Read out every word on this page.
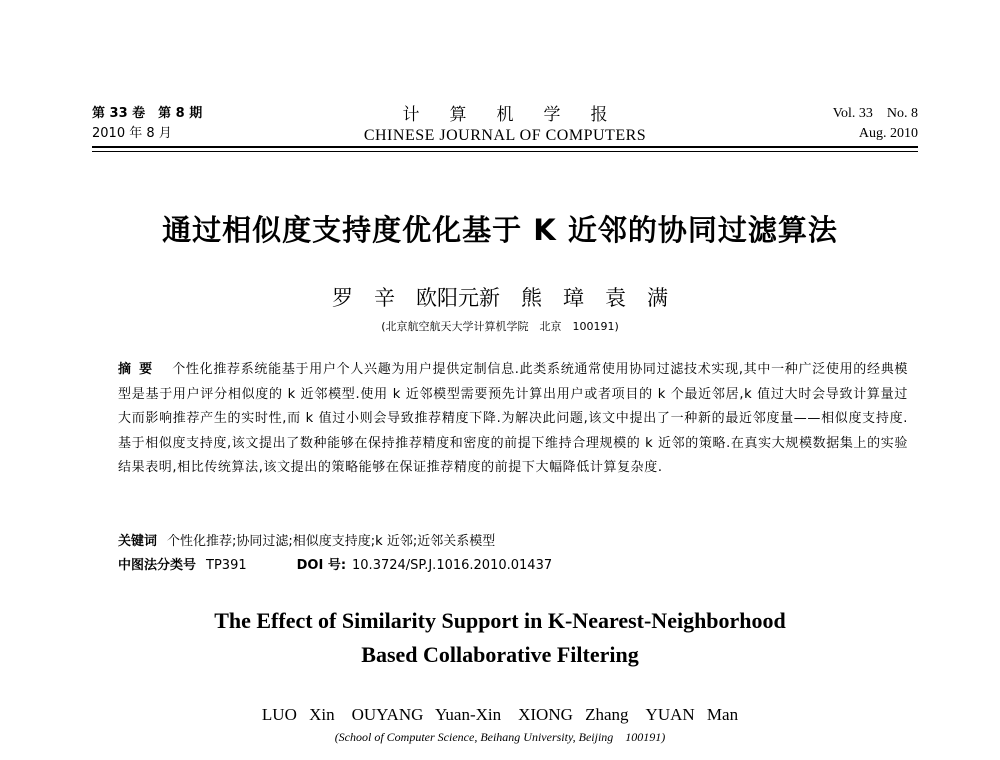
第 33 卷　第 8 期
2010 年 8 月
计算机学报
CHINESE JOURNAL OF COMPUTERS
Vol. 33　No. 8
Aug. 2010
通过相似度支持度优化基于 K 近邻的协同过滤算法
罗　辛　欧阳元新　熊　璋　袁　满
(北京航空航天大学计算机学院　北京　100191)
摘要 个性化推荐系统能基于用户个人兴趣为用户提供定制信息.此类系统通常使用协同过滤技术实现,其中一种广泛使用的经典模型是基于用户评分相似度的 k 近邻模型.使用 k 近邻模型需要预先计算出用户或者项目的 k 个最近邻居,k 值过大时会导致计算量过大而影响推荐产生的实时性,而 k 值过小则会导致推荐精度下降.为解决此问题,该文中提出了一种新的最近邻度量——相似度支持度.基于相似度支持度,该文提出了数种能够在保持推荐精度和密度的前提下维持合理规模的 k 近邻的策略.在真实大规模数据集上的实验结果表明,相比传统算法,该文提出的策略能够在保证推荐精度的前提下大幅降低计算复杂度.
关键词 个性化推荐;协同过滤;相似度支持度;k 近邻;近邻关系模型
中图法分类号 TP391	DOI 号: 10.3724/SP.J.1016.2010.01437
The Effect of Similarity Support in K-Nearest-Neighborhood
Based Collaborative Filtering
LUO Xin　OUYANG Yuan-Xin　XIONG Zhang　YUAN Man
(School of Computer Science, Beihang University, Beijing　100191)
